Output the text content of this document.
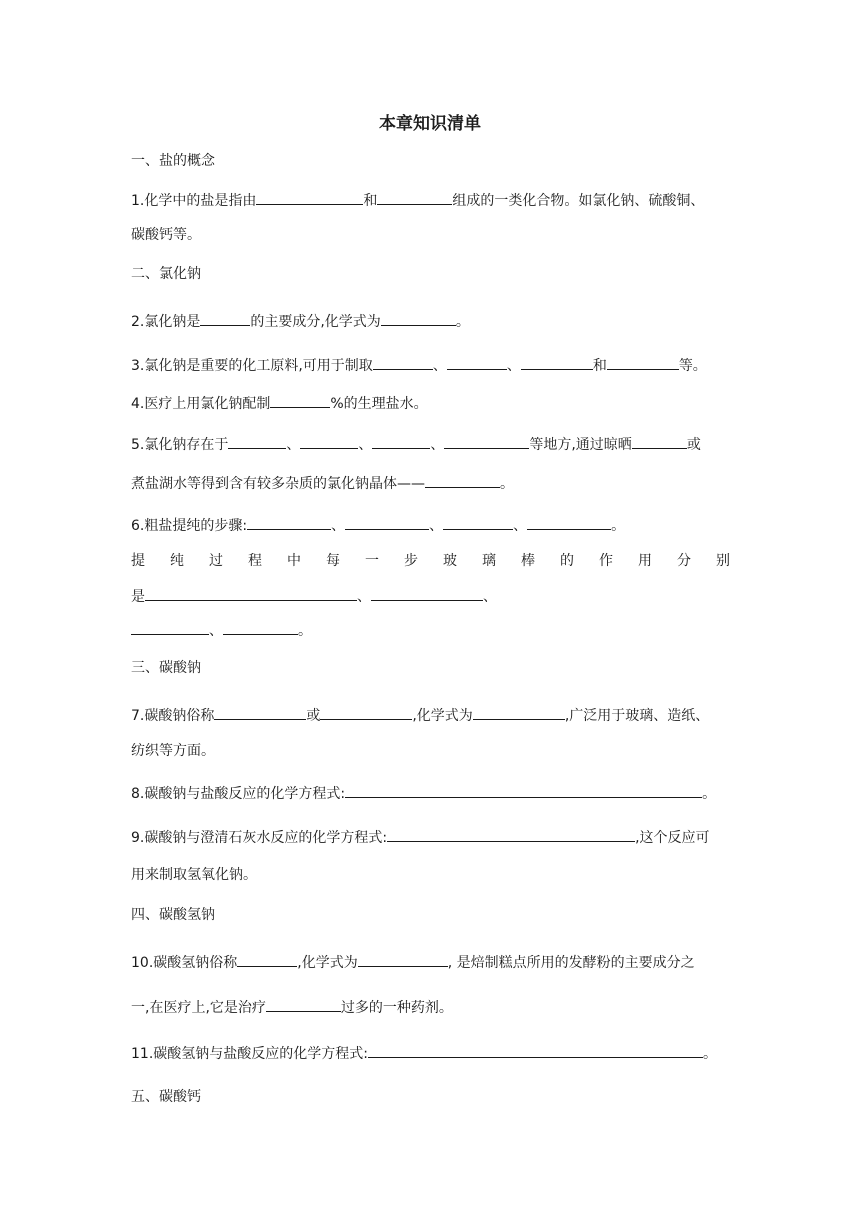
本章知识清单
一、盐的概念
1.化学中的盐是指由	和	组成的一类化合物。如氯化钠、硫酸铜、
碳酸钙等。
二、氯化钠
2.氯化钠是	的主要成分,化学式为	。
3.氯化钠是重要的化工原料,可用于制取	、	、	和	等。
4.医疗上用氯化钠配制	%的生理盐水。
5.氯化钠存在于	、	、	、	等地方,通过晾晒	或
煮盐湖水等得到含有较多杂质的氯化钠晶体——	。
6.粗盐提纯的步骤:	、	、	、	。
提 纯 过 程 中 每 一 步 玻 璃 棒 的 作 用 分 别
是	、	、
、	。
三、碳酸钠
7.碳酸钠俗称	或	,化学式为	,广泛用于玻璃、造纸、
纺织等方面。
8.碳酸钠与盐酸反应的化学方程式:	。
9.碳酸钠与澄清石灰水反应的化学方程式:	,这个反应可
用来制取氢氧化钠。
四、碳酸氢钠
10.碳酸氢钠俗称	,化学式为	, 是焙制糕点所用的发酵粉的主要成分之
一,在医疗上,它是治疗	过多的一种药剂。
11.碳酸氢钠与盐酸反应的化学方程式:	。
五、碳酸钙
